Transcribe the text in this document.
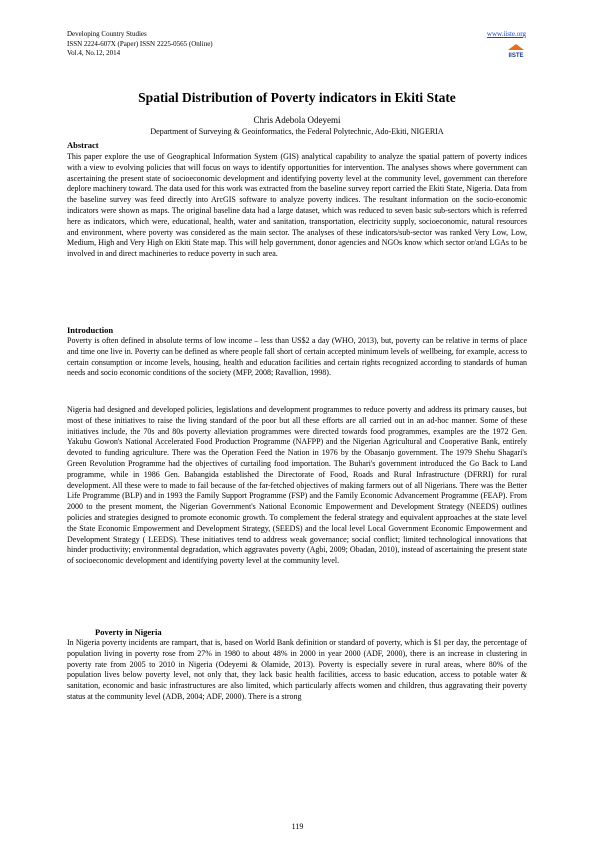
Developing Country Studies
ISSN 2224-607X (Paper) ISSN 2225-0565 (Online)
Vol.4, No.12, 2014
www.iiste.org
IISTE
Spatial Distribution of Poverty indicators in Ekiti State
Chris Adebola Odeyemi
Department of Surveying & Geoinformatics, the Federal Polytechnic, Ado-Ekiti, NIGERIA
Abstract
This paper explore the use of Geographical Information System (GIS) analytical capability to analyze the spatial pattern of poverty indices with a view to evolving policies that will focus on ways to identify opportunities for intervention. The analyses shows where government can ascertaining the present state of socioeconomic development and identifying poverty level at the community level, government can therefore deplore machinery toward. The data used for this work was extracted from the baseline survey report carried the Ekiti State, Nigeria. Data from the baseline survey was feed directly into ArcGIS software to analyze poverty indices. The resultant information on the socio-economic indicators were shown as maps. The original baseline data had a large dataset, which was reduced to seven basic sub-sectors which is referred here as indicators, which were, educational, health, water and sanitation, transportation, electricity supply, socioeconomic, natural resources and environment, where poverty was considered as the main sector. The analyses of these indicators/sub-sector was ranked Very Low, Low, Medium, High and Very High on Ekiti State map. This will help government, donor agencies and NGOs know which sector or/and LGAs to be involved in and direct machineries to reduce poverty in such area.
Introduction
Poverty is often defined in absolute terms of low income – less than US$2 a day (WHO, 2013), but, poverty can be relative in terms of place and time one live in. Poverty can be defined as where people fall short of certain accepted minimum levels of wellbeing, for example, access to certain consumption or income levels, housing, health and education facilities and certain rights recognized according to standards of human needs and socio economic conditions of the society (MFP, 2008; Ravallion, 1998).
Nigeria had designed and developed policies, legislations and development programmes to reduce poverty and address its primary causes, but most of these initiatives to raise the living standard of the poor but all these efforts are all carried out in an ad-hoc manner. Some of these initiatives include, the 70s and 80s poverty alleviation programmes were directed towards food programmes, examples are the 1972 Gen. Yakubu Gowon's National Accelerated Food Production Programme (NAFPP) and the Nigerian Agricultural and Cooperative Bank, entirely devoted to funding agriculture. There was the Operation Feed the Nation in 1976 by the Obasanjo government. The 1979 Shehu Shagari's Green Revolution Programme had the objectives of curtailing food importation. The Buhari's government introduced the Go Back to Land programme, while in 1986 Gen. Babangida established the Directorate of Food, Roads and Rural Infrastructure (DFRRI) for rural development. All these were to made to fail because of the far-fetched objectives of making farmers out of all Nigerians. There was the Better Life Programme (BLP) and in 1993 the Family Support Programme (FSP) and the Family Economic Advancement Programme (FEAP). From 2000 to the present moment, the Nigerian Government's National Economic Empowerment and Development Strategy (NEEDS) outlines policies and strategies designed to promote economic growth. To complement the federal strategy and equivalent approaches at the state level the State Economic Empowerment and Development Strategy, (SEEDS) and the local level Local Government Economic Empowerment and Development Strategy ( LEEDS). These initiatives tend to address weak governance; social conflict; limited technological innovations that hinder productivity; environmental degradation, which aggravates poverty (Agbi, 2009; Obadan, 2010), instead of ascertaining the present state of socioeconomic development and identifying poverty level at the community level.
Poverty in Nigeria
In Nigeria poverty incidents are rampart, that is, based on World Bank definition or standard of poverty, which is $1 per day, the percentage of population living in poverty rose from 27% in 1980 to about 48% in 2000 in year 2000 (ADF, 2000), there is an increase in clustering in poverty rate from 2005 to 2010 in Nigeria (Odeyemi & Olamide, 2013). Poverty is especially severe in rural areas, where 80% of the population lives below poverty level, not only that, they lack basic health facilities, access to basic education, access to potable water & sanitation, economic and basic infrastructures are also limited, which particularly affects women and children, thus aggravating their poverty status at the community level (ADB, 2004; ADF, 2000). There is a strong
119
